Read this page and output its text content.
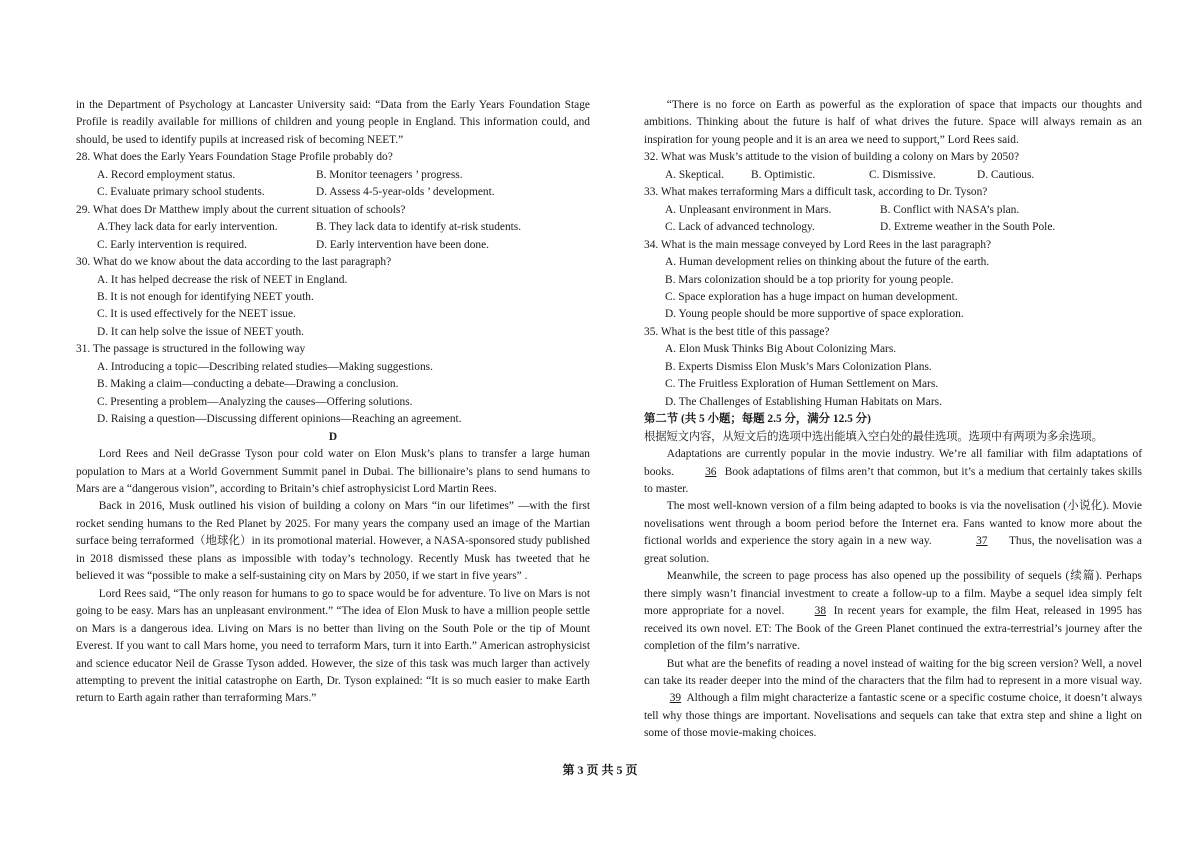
in the Department of Psychology at Lancaster University said: “Data from the Early Years Foundation Stage Profile is readily available for millions of children and young people in England. This information could, and should, be used to identify pupils at increased risk of becoming NEET.”

28. What does the Early Years Foundation Stage Profile probably do?

A. Record employment status.	B. Monitor teenagers ’ progress.
C. Evaluate primary school students.	D. Assess 4-5-year-olds ’ development.

29. What does Dr Matthew imply about the current situation of schools?

A.They lack data for early intervention.	B. They lack data to identify at-risk students.
C. Early intervention is required.	D. Early intervention have been done.

30. What do we know about the data according to the last paragraph?

A. It has helped decrease the risk of NEET in England.

B. It is not enough for identifying NEET youth.

C. It is used effectively for the NEET issue.

D. It can help solve the issue of NEET youth.

31. The passage is structured in the following way

A. Introducing a topic—Describing related studies—Making suggestions.

B. Making a claim—conducting a debate—Drawing a conclusion.

C. Presenting a problem—Analyzing the causes—Offering solutions.

D. Raising a question—Discussing different opinions—Reaching an agreement.

D

Lord Rees and Neil deGrasse Tyson pour cold water on Elon Musk’s plans to transfer a large human population to Mars at a World Government Summit panel in Dubai. The billionaire’s plans to send humans to Mars are a “dangerous vision”, according to Britain’s chief astrophysicist Lord Martin Rees.

Back in 2016, Musk outlined his vision of building a colony on Mars “in our lifetimes” —with the first rocket sending humans to the Red Planet by 2025. For many years the company used an image of the Martian surface being terraformed（地球化）in its promotional material. However, a NASA-sponsored study published in 2018 dismissed these plans as impossible with today’s technology. Recently Musk has tweeted that he believed it was “possible to make a self-sustaining city on Mars by 2050, if we start in five years” .

Lord Rees said, “The only reason for humans to go to space would be for adventure. To live on Mars is not going to be easy. Mars has an unpleasant environment.” “The idea of Elon Musk to have a million people settle on Mars is a dangerous idea. Living on Mars is no better than living on the South Pole or the tip of Mount Everest. If you want to call Mars home, you need to terraform Mars, turn it into Earth.” American astrophysicist and science educator Neil de Grasse Tyson added. However, the size of this task was much larger than actively attempting to prevent the initial catastrophe on Earth, Dr. Tyson explained: “It is so much easier to make Earth return to Earth again rather than terraforming Mars.”

“There is no force on Earth as powerful as the exploration of space that impacts our thoughts and ambitions. Thinking about the future is half of what drives the future. Space will always remain as an inspiration for young people and it is an area we need to support,” Lord Rees said.

32. What was Musk’s attitude to the vision of building a colony on Mars by 2050?

A. Skeptical.	B. Optimistic.	C. Dismissive.	D. Cautious.

33. What makes terraforming Mars a difficult task, according to Dr. Tyson?

A. Unpleasant environment in Mars.	B. Conflict with NASA’s plan.
C. Lack of advanced technology.	D. Extreme weather in the South Pole.

34. What is the main message conveyed by Lord Rees in the last paragraph?

A. Human development relies on thinking about the future of the earth.

B. Mars colonization should be a top priority for young people.

C. Space exploration has a huge impact on human development.

D. Young people should be more supportive of space exploration.

35. What is the best title of this passage?

A. Elon Musk Thinks Big About Colonizing Mars.

B. Experts Dismiss Elon Musk’s Mars Colonization Plans.

C. The Fruitless Exploration of Human Settlement on Mars.

D. The Challenges of Establishing Human Habitats on Mars.

第二节 (共 5 小题；每题 2.5 分，满分 12.5 分)

根据短文内容，从短文后的选项中选出能填入空白处的最佳选项。选项中有两项为多余选项。

Adaptations are currently popular in the movie industry. We’re all familiar with film adaptations of books.	36 Book adaptations of films aren’t that common, but it’s a medium that certainly takes skills to master.

The most well-known version of a film being adapted to books is via the novelisation (小说化). Movie novelisations went through a boom period before the Internet era. Fans wanted to know more about the fictional worlds and experience the story again in a new way.	37 Thus, the novelisation was a great solution.

Meanwhile, the screen to page process has also opened up the possibility of sequels (续篇). Perhaps there simply wasn’t financial investment to create a follow-up to a film. Maybe a sequel idea simply felt more appropriate for a novel.	38 In recent years for example, the film Heat, released in 1995 has received its own novel. ET: The Book of the Green Planet continued the extra-terrestrial’s journey after the completion of the film’s narrative.

But what are the benefits of reading a novel instead of waiting for the big screen version? Well, a novel can take its reader deeper into the mind of the characters that the film had to represent in a more visual way. 39 Although a film might characterize a fantastic scene or a specific costume choice, it doesn’t always tell why those things are important. Novelisations and sequels can take that extra step and shine a light on some of those movie-making choices.

第 3 页 共 5 页
